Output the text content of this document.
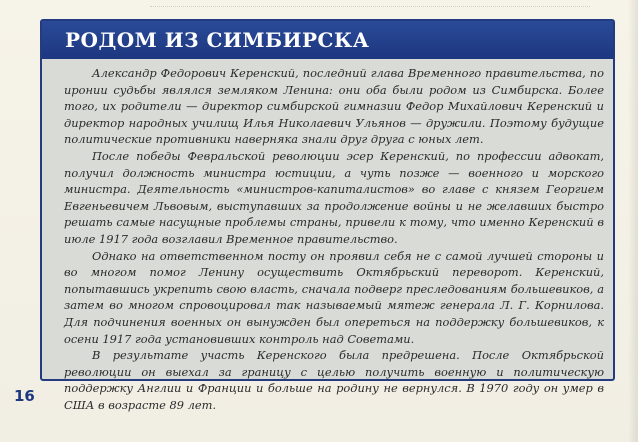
РОДОМ ИЗ СИМБИРСКА

Александр Федорович Керенский, последний глава Временного правительства, по иронии судьбы являлся земляком Ленина: они оба были родом из Симбирска. Более того, их родители — директор симбирской гимназии Федор Михайлович Керенский и директор народных училищ Илья Николаевич Ульянов — дружили. Поэтому будущие политические противники наверняка знали друг друга с юных лет.

После победы Февральской революции эсер Керенский, по профессии адвокат, получил должность министра юстиции, а чуть позже — военного и морского министра. Деятельность «министров-капиталистов» во главе с князем Георгием Евгеньевичем Львовым, выступавших за продолжение войны и не желавших быстро решать самые насущные проблемы страны, привели к тому, что именно Керенский в июле 1917 года возглавил Временное правительство.

Однако на ответственном посту он проявил себя не с самой лучшей стороны и во многом помог Ленину осуществить Октябрьский переворот. Керенский, попытавшись укрепить свою власть, сначала подверг преследованиям большевиков, а затем во многом спровоцировал так называемый мятеж генерала Л. Г. Корнилова. Для подчинения военных он вынужден был опереться на поддержку большевиков, к осени 1917 года установивших контроль над Советами.

В результате участь Керенского была предрешена. После Октябрьской революции он выехал за границу с целью получить военную и политическую поддержку Англии и Франции и больше на родину не вернулся. В 1970 году он умер в США в возрасте 89 лет.

16
